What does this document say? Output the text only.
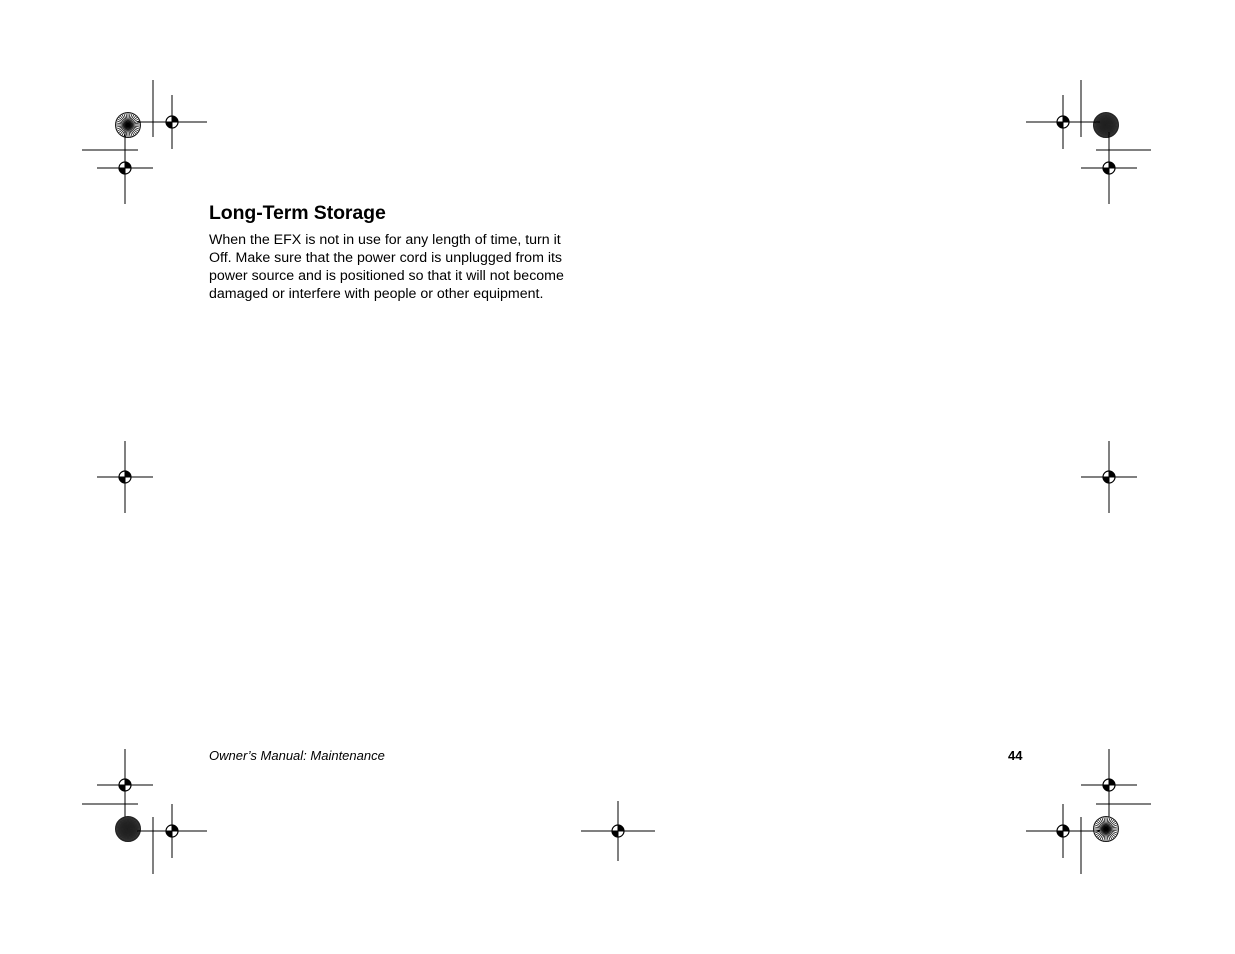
Long-Term Storage

When the EFX is not in use for any length of time, turn it
Off. Make sure that the power cord is unplugged from its
power source and is positioned so that it will not become
damaged or interfere with people or other equipment.

Owner’s Manual: Maintenance	44
